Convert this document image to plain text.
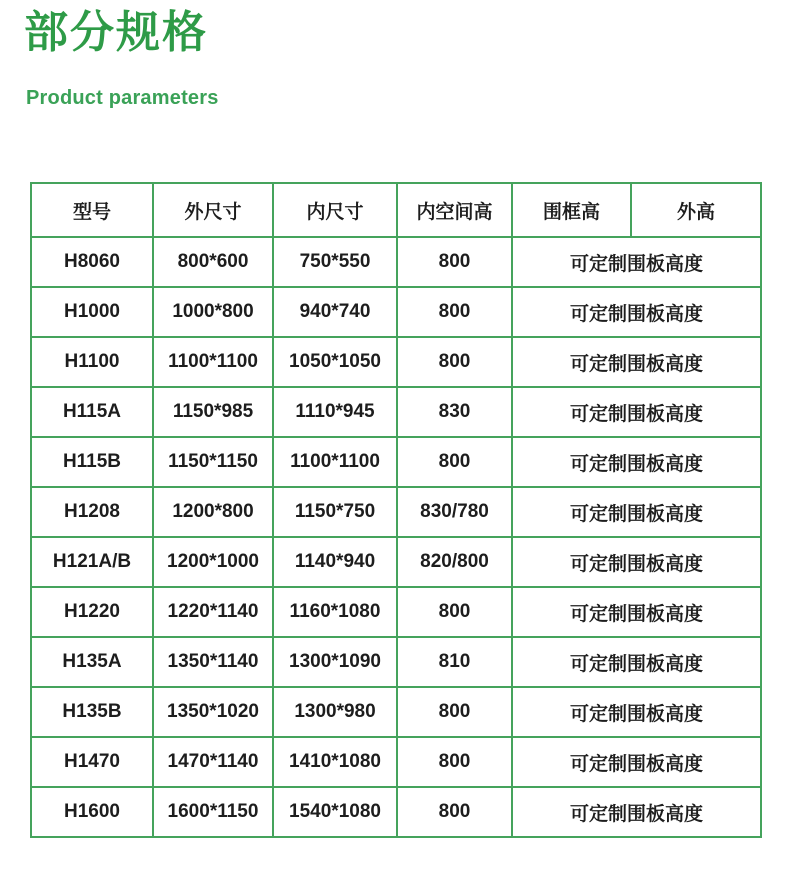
部分规格
Product parameters
型号	外尺寸	内尺寸	内空间高	围框高	外高
H8060	800*600	750*550	800	可定制围板高度	
H1000	1000*800	940*740	800	可定制围板高度	
H1100	1100*1100	1050*1050	800	可定制围板高度	
H115A	1150*985	1110*945	830	可定制围板高度	
H115B	1150*1150	1100*1100	800	可定制围板高度	
H1208	1200*800	1150*750	830/780	可定制围板高度	
H121A/B	1200*1000	1140*940	820/800	可定制围板高度	
H1220	1220*1140	1160*1080	800	可定制围板高度	
H135A	1350*1140	1300*1090	810	可定制围板高度	
H135B	1350*1020	1300*980	800	可定制围板高度	
H1470	1470*1140	1410*1080	800	可定制围板高度	
H1600	1600*1150	1540*1080	800	可定制围板高度	
